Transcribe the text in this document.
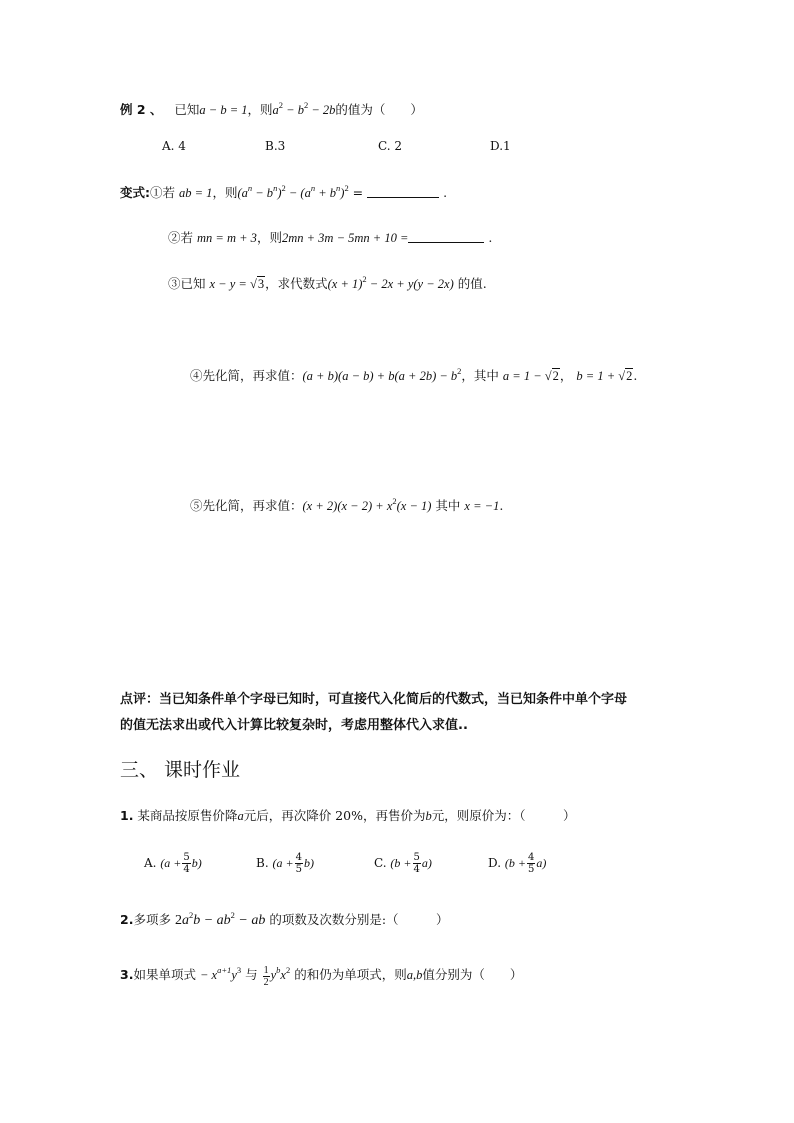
例 2 、 已知a − b = 1，则$a^2 - b^2 - 2b$的值为（　　）
A. 4	B.3	C. 2	D.1
变式:①若 ab = 1，则$(a^n - b^n)^2 - (a^n + b^n)^2$ =	.
②若 mn = m + 3，则2mn + 3m − 5mn + 10 =	.
③已知 x − y = √3，求代数式$(x + 1)^2 - 2x + y(y - 2x)$ 的值.
④先化简，再求值：$(a + b)(a - b) + b(a + 2b) - b^2$，其中 a = 1 − √2， b = 1 + √2.
⑤先化简，再求值：$(x + 2)(x - 2) + x^2(x - 1)$ 其中 x = −1.
点评：当已知条件单个字母已知时，可直接代入化简后的代数式，当已知条件中单个字母
的值无法求出或代入计算比较复杂时，考虑用整体代入求值..
三、 课时作业
1. 某商品按原售价降a元后，再次降价 20%，再售价为b元，则原价为：（　　　）
A. $(a + \frac{5}{4} b)$	B. $(a + \frac{4}{5} b)$	C. $(b + \frac{5}{4} a)$	D. $(b + \frac{4}{5} a)$
2.多项多 $2a^2b - ab^2$ − ab 的项数及次数分别是:（　　　）
3.如果单项式 − $x^{a+1}y^3$ 与 $\frac{1}{2} y^bx^2$ 的和仍为单项式，则a,b值分别为（　　）
